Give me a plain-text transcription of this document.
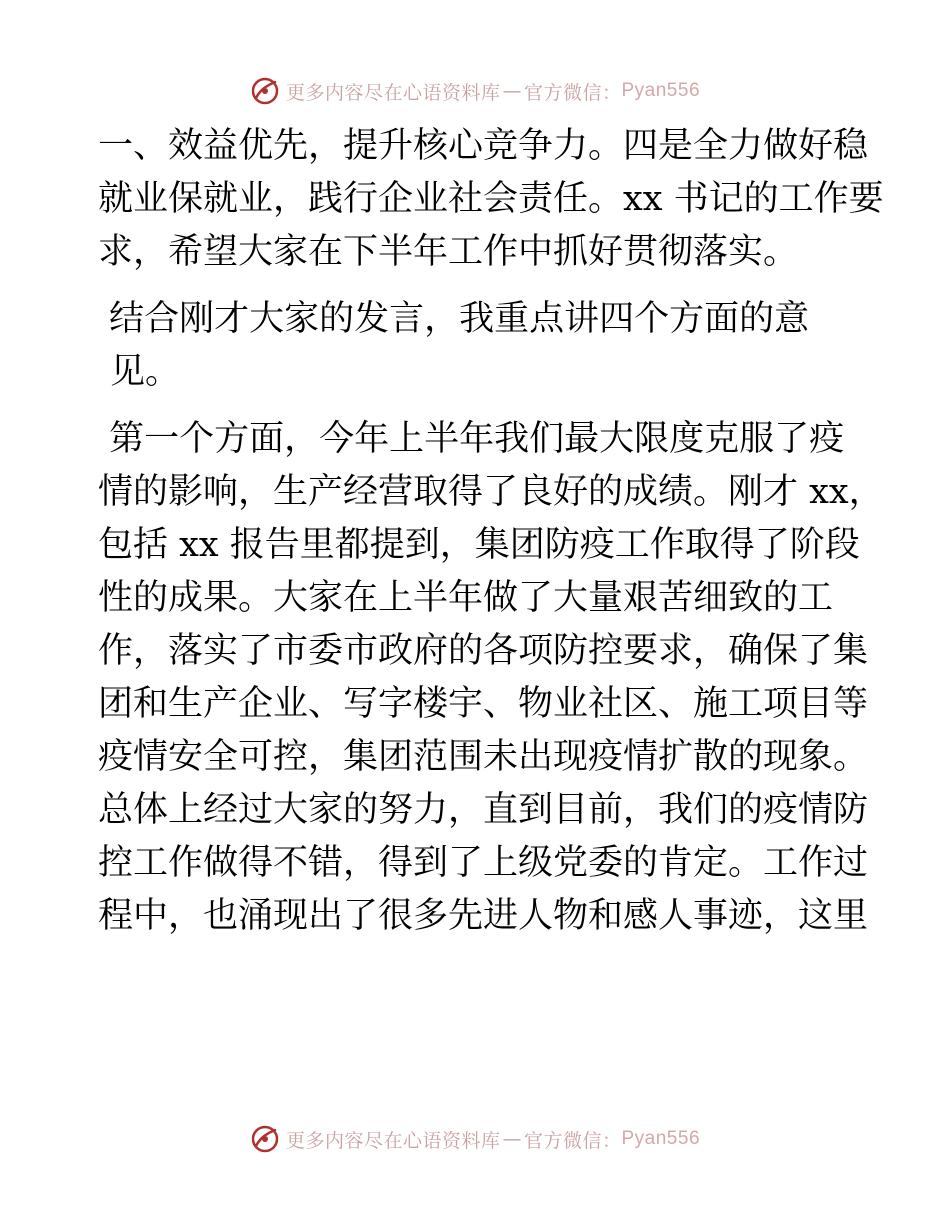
更多内容尽在心语资料库 — 官方微信： Pyan556
一、效益优先，提升核心竞争力。四是全力做好稳
就业保就业，践行企业社会责任。xx 书记的工作要
求，希望大家在下半年工作中抓好贯彻落实。
结合刚才大家的发言，我重点讲四个方面的意
见。
第一个方面，今年上半年我们最大限度克服了疫
情的影响，生产经营取得了良好的成绩。刚才 xx，
包括 xx 报告里都提到，集团防疫工作取得了阶段
性的成果。大家在上半年做了大量艰苦细致的工
作，落实了市委市政府的各项防控要求，确保了集
团和生产企业、写字楼宇、物业社区、施工项目等
疫情安全可控，集团范围未出现疫情扩散的现象。
总体上经过大家的努力，直到目前，我们的疫情防
控工作做得不错，得到了上级党委的肯定。工作过
程中，也涌现出了很多先进人物和感人事迹，这里
更多内容尽在心语资料库 — 官方微信： Pyan556
